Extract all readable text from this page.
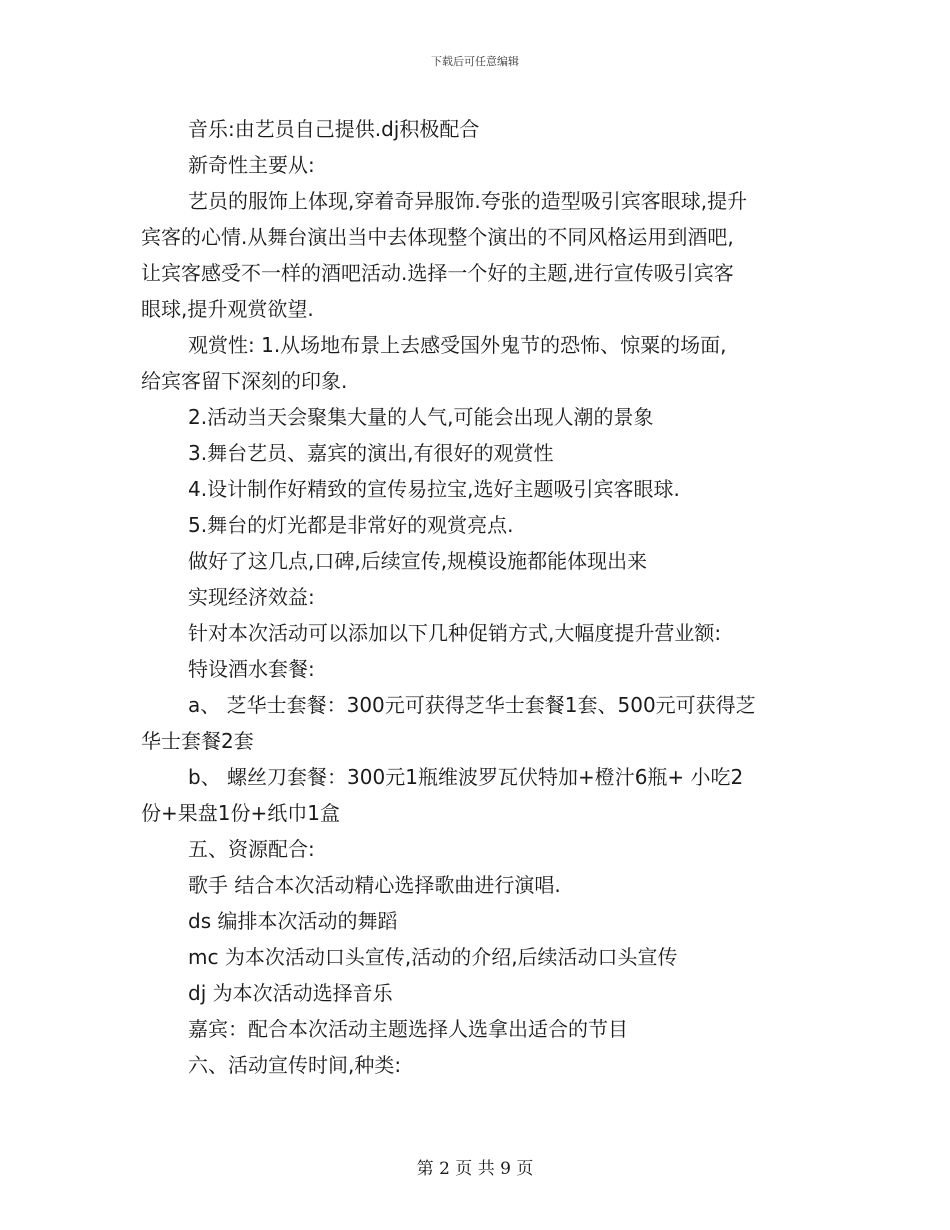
下载后可任意编辑

音乐:由艺员自己提供.dj积极配合

新奇性主要从:

艺员的服饰上体现,穿着奇异服饰.夸张的造型吸引宾客眼球,提升

宾客的心情.从舞台演出当中去体现整个演出的不同风格运用到酒吧,

让宾客感受不一样的酒吧活动.选择一个好的主题,进行宣传吸引宾客

眼球,提升观赏欲望.

观赏性: 1.从场地布景上去感受国外鬼节的恐怖、惊粟的场面,

给宾客留下深刻的印象.

2.活动当天会聚集大量的人气,可能会出现人潮的景象

3.舞台艺员、嘉宾的演出,有很好的观赏性

4.设计制作好精致的宣传易拉宝,选好主题吸引宾客眼球.

5.舞台的灯光都是非常好的观赏亮点.

做好了这几点,口碑,后续宣传,规模设施都能体现出来

实现经济效益:

针对本次活动可以添加以下几种促销方式,大幅度提升营业额:

特设酒水套餐:

a、 芝华士套餐：300元可获得芝华士套餐1套、500元可获得芝

华士套餐2套

b、 螺丝刀套餐：300元1瓶维波罗瓦伏特加+橙汁6瓶+ 小吃2

份+果盘1份+纸巾1盒

五、资源配合:

歌手 结合本次活动精心选择歌曲进行演唱.

ds 编排本次活动的舞蹈

mc 为本次活动口头宣传,活动的介绍,后续活动口头宣传

dj 为本次活动选择音乐

嘉宾：配合本次活动主题选择人选拿出适合的节目

六、活动宣传时间,种类:

第 2 页 共 9 页
